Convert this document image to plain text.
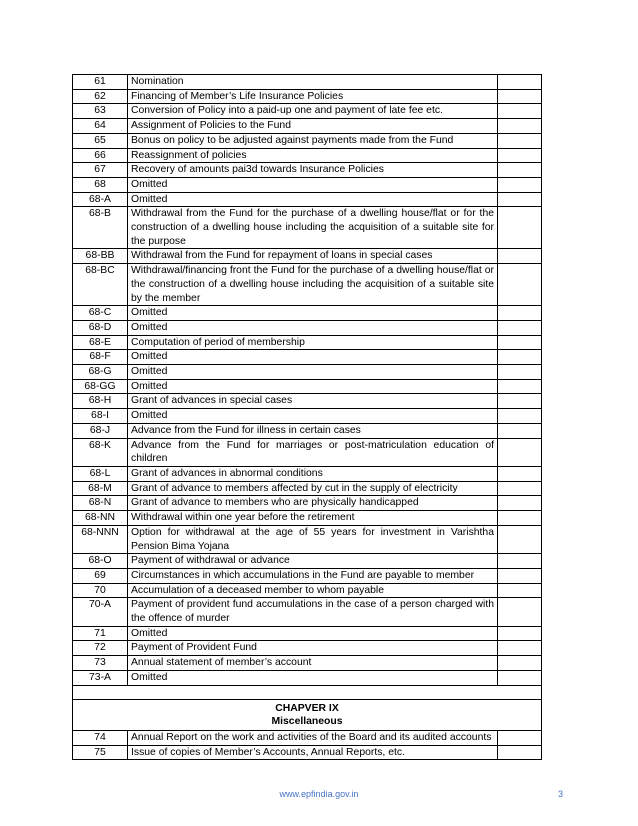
61	Nomination	
62	Financing of Member’s Life Insurance Policies	
63	Conversion of Policy into a paid-up one and payment of late fee etc.	
64	Assignment of Policies to the Fund	
65	Bonus on policy to be adjusted against payments made from the Fund	
66	Reassignment of policies	
67	Recovery of amounts pai3d towards Insurance Policies	
68	Omitted	
68-A	Omitted	
68-B	Withdrawal from the Fund for the purchase of a dwelling house/flat or for the construction of a dwelling house including the acquisition of a suitable site for the purpose	
68-BB	Withdrawal from the Fund for repayment of loans in special cases	
68-BC	Withdrawal/financing front the Fund for the purchase of a dwelling house/flat or the construction of a dwelling house including the acquisition of a suitable site by the member	
68-C	Omitted	
68-D	Omitted	
68-E	Computation of period of membership	
68-F	Omitted	
68-G	Omitted	
68-GG	Omitted	
68-H	Grant of advances in special cases	
68-I	Omitted	
68-J	Advance from the Fund for illness in certain cases	
68-K	Advance from the Fund for marriages or post-matriculation education of children	
68-L	Grant of advances in abnormal conditions	
68-M	Grant of advance to members affected by cut in the supply of electricity	
68-N	Grant of advance to members who are physically handicapped	
68-NN	Withdrawal within one year before the retirement	
68-NNN	Option for withdrawal at the age of 55 years for investment in Varishtha Pension Bima Yojana	
68-O	Payment of withdrawal or advance	
69	Circumstances in which accumulations in the Fund are payable to member	
70	Accumulation of a deceased member to whom payable	
70-A	Payment of provident fund accumulations in the case of a person charged with the offence of murder	
71	Omitted	
72	Payment of Provident Fund	
73	Annual statement of member’s account	
73-A	Omitted	

CHAPVER IX
Miscellaneous		

74	Annual Report on the work and activities of the Board and its audited accounts	
75	Issue of copies of Member’s Accounts, Annual Reports, etc.	
www.epfindia.gov.in	3
